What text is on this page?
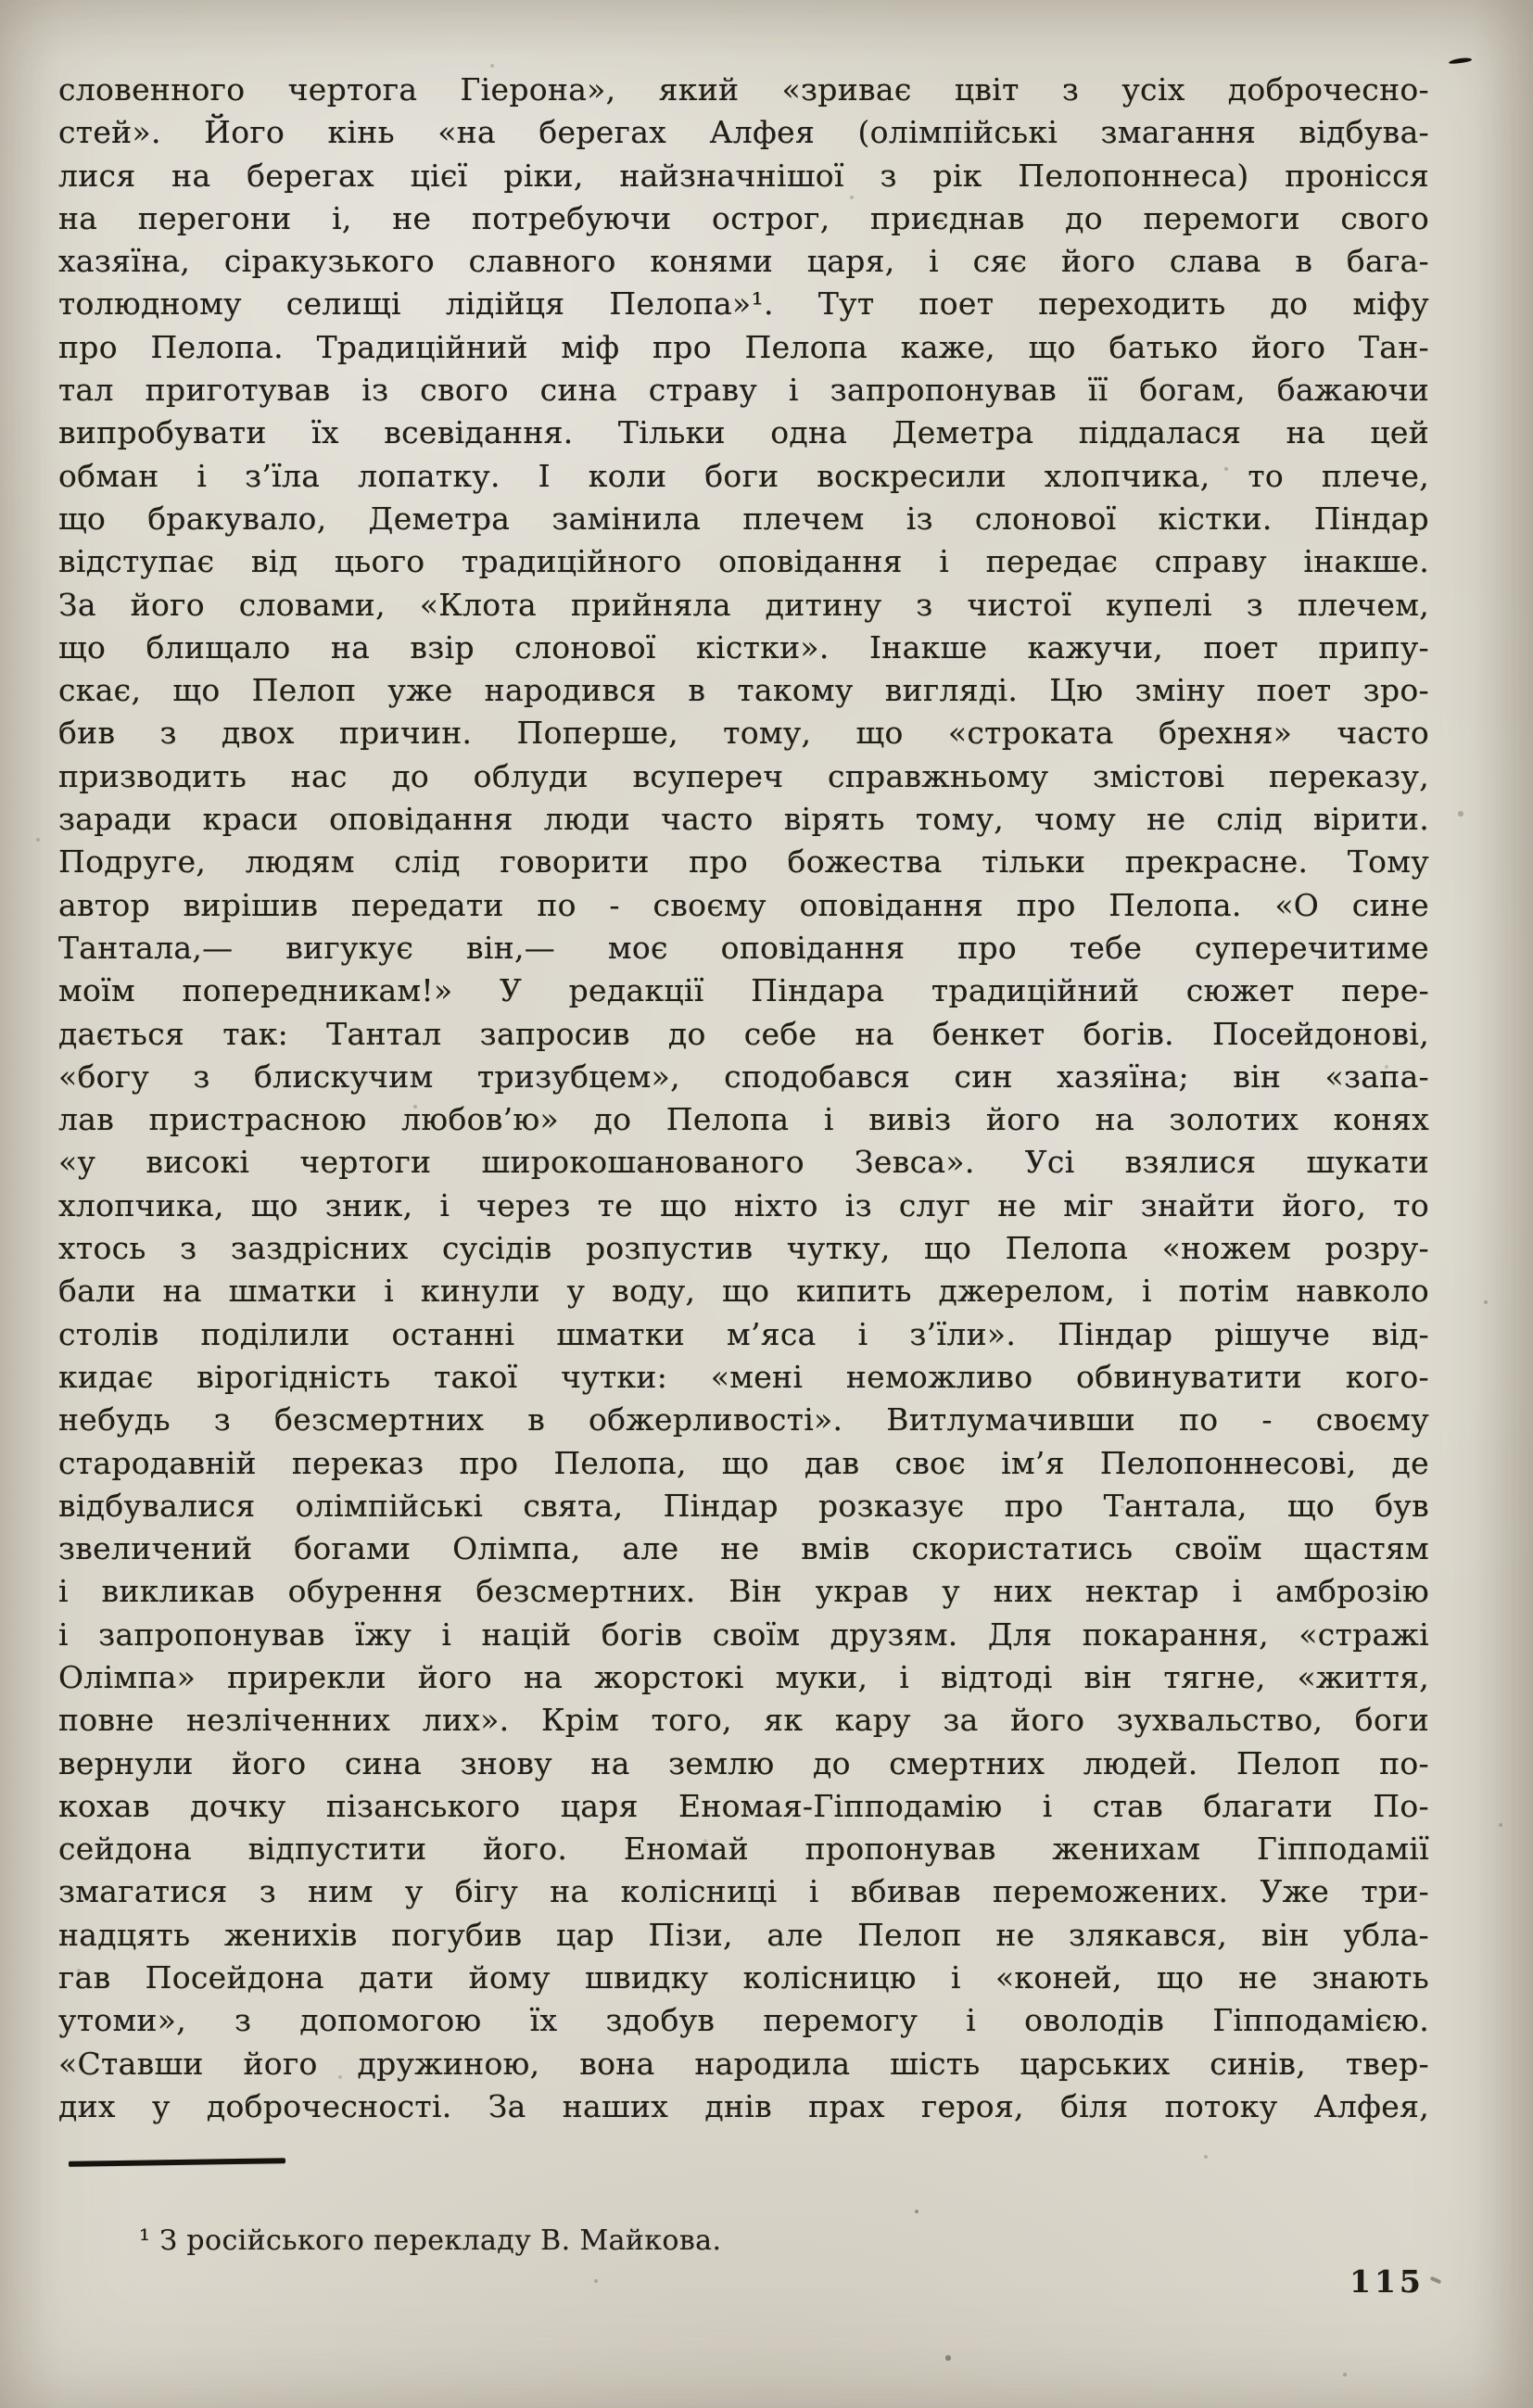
словенного чертога Гіерона», який «зриває цвіт з усіх доброчесно-
стей». Його кінь «на берегах Алфея (олімпійські змагання відбува-
лися на берегах цієї ріки, найзначнішої з рік Пелопоннеса) пронісся
на перегони і, не потребуючи острог, приєднав до перемоги свого
хазяїна, сіракузького славного конями царя, і сяє його слава в бага-
толюдному селищі лідійця Пелопа»¹. Тут поет переходить до міфу
про Пелопа. Традиційний міф про Пелопа каже, що батько його Тан-
тал приготував із свого сина страву і запропонував її богам, бажаючи
випробувати їх всевідання. Тільки одна Деметра піддалася на цей
обман і з’їла лопатку. І коли боги воскресили хлопчика, то плече,
що бракувало, Деметра замінила плечем із слонової кістки. Піндар
відступає від цього традиційного оповідання і передає справу інакше.
За його словами, «Клота прийняла дитину з чистої купелі з плечем,
що блищало на взір слонової кістки». Інакше кажучи, поет припу-
скає, що Пелоп уже народився в такому вигляді. Цю зміну поет зро-
бив з двох причин. Поперше, тому, що «строката брехня» часто
призводить нас до облуди всупереч справжньому змістові переказу,
заради краси оповідання люди часто вірять тому, чому не слід вірити.
Подруге, людям слід говорити про божества тільки прекрасне. Тому
автор вирішив передати по - своєму оповідання про Пелопа. «О сине
Тантала,— вигукує він,— моє оповідання про тебе суперечитиме
моїм попередникам!» У редакції Піндара традиційний сюжет пере-
дається так: Тантал запросив до себе на бенкет богів. Посейдонові,
«богу з блискучим тризубцем», сподобався син хазяїна; він «запа-
лав пристрасною любов’ю» до Пелопа і вивіз його на золотих конях
«у високі чертоги широкошанованого Зевса». Усі взялися шукати
хлопчика, що зник, і через те що ніхто із слуг не міг знайти його, то
хтось з заздрісних сусідів розпустив чутку, що Пелопа «ножем розру-
бали на шматки і кинули у воду, що кипить джерелом, і потім навколо
столів поділили останні шматки м’яса і з’їли». Піндар рішуче від-
кидає вірогідність такої чутки: «мені неможливо обвинуватити кого-
небудь з безсмертних в обжерливості». Витлумачивши по - своєму
стародавній переказ про Пелопа, що дав своє ім’я Пелопоннесові, де
відбувалися олімпійські свята, Піндар розказує про Тантала, що був
звеличений богами Олімпа, але не вмів скористатись своїм щастям
і викликав обурення безсмертних. Він украв у них нектар і амброзію
і запропонував їжу і націй богів своїм друзям. Для покарання, «стражі
Олімпа» прирекли його на жорстокі муки, і відтоді він тягне, «життя,
повне незліченних лих». Крім того, як кару за його зухвальство, боги
вернули його сина знову на землю до смертних людей. Пелоп по-
кохав дочку пізанського царя Еномая-Гіпподамію і став благати По-
сейдона відпустити його. Еномай пропонував женихам Гіпподамії
змагатися з ним у бігу на колісниці і вбивав переможених. Уже три-
надцять женихів погубив цар Пізи, але Пелоп не злякався, він убла-
гав Посейдона дати йому швидку колісницю і «коней, що не знають
утоми», з допомогою їх здобув перемогу і оволодів Гіпподамією.
«Ставши його дружиною, вона народила шість царських синів, твер-
дих у доброчесності. За наших днів прах героя, біля потоку Алфея,
¹ З російського перекладу В. Майкова.
115
